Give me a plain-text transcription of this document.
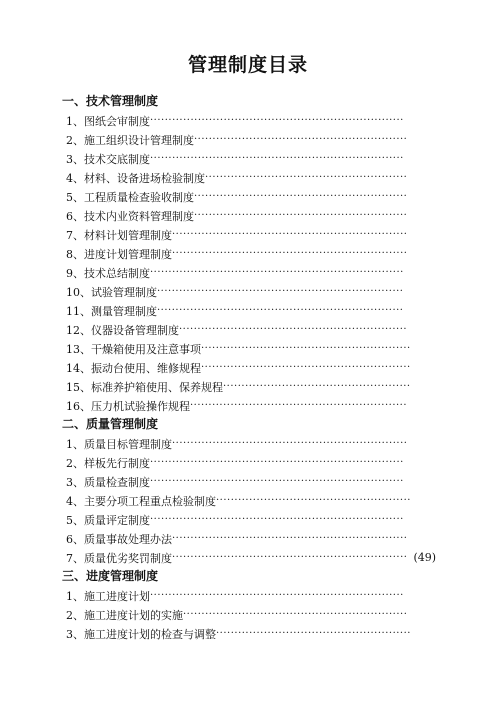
管理制度目录
一、技术管理制度
1、图纸会审制度 ·····································································
2、施工组织设计管理制度 ··························································
3、技术交底制度 ·····································································
4、材料、设备进场检验制度 ·······················································
5、工程质量检查验收制度 ··························································
6、技术内业资料管理制度 ··························································
7、材料计划管理制度 ································································
8、进度计划管理制度 ································································
9、技术总结制度 ·····································································
10、试验管理制度 ···································································
11、测量管理制度 ···································································
12、仪器设备管理制度 ······························································
13、干燥箱使用及注意事项 ·························································
14、振动台使用、维修规程 ·························································
15、标准养护箱使用、保养规程 ···················································
16、压力机试验操作规程 ···························································
二、质量管理制度
1、质量目标管理制度 ································································
2、样板先行制度 ·····································································
3、质量检查制度 ·····································································
4、主要分项工程重点检验制度 ·····················································
5、质量评定制度 ·····································································
6、质量事故处理办法 ································································
7、质量优劣奖罚制度 ································································ (49)
三、进度管理制度
1、施工进度计划 ·····································································
2、施工进度计划的实施 ·····························································
3、施工进度计划的检查与调整 ·····················································
